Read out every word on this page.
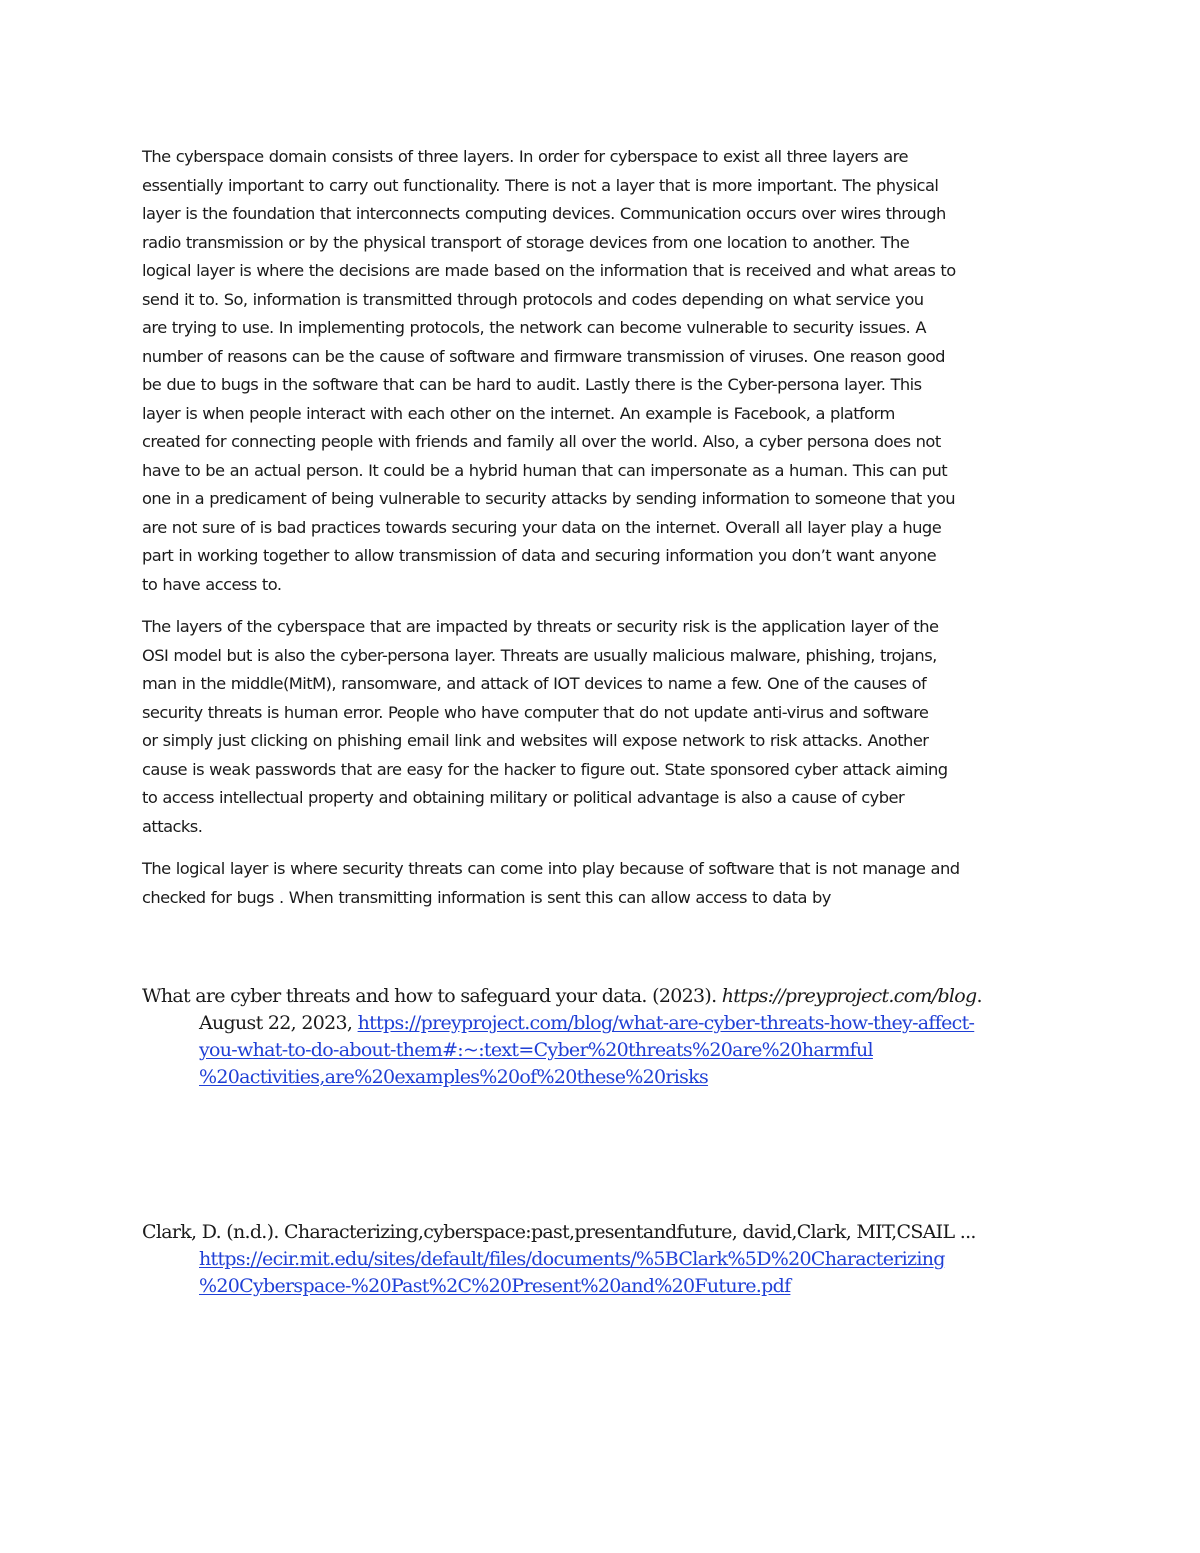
The cyberspace domain consists of three layers. In order for cyberspace to exist all three layers are
essentially important to carry out functionality. There is not a layer that is more important. The physical
layer is the foundation that interconnects computing devices. Communication occurs over wires through
radio transmission or by the physical transport of storage devices from one location to another. The
logical layer is where the decisions are made based on the information that is received and what areas to
send it to. So, information is transmitted through protocols and codes depending on what service you
are trying to use. In implementing protocols, the network can become vulnerable to security issues. A
number of reasons can be the cause of software and firmware transmission of viruses. One reason good
be due to bugs in the software that can be hard to audit. Lastly there is the Cyber-persona layer. This
layer is when people interact with each other on the internet. An example is Facebook, a platform
created for connecting people with friends and family all over the world. Also, a cyber persona does not
have to be an actual person. It could be a hybrid human that can impersonate as a human. This can put
one in a predicament of being vulnerable to security attacks by sending information to someone that you
are not sure of is bad practices towards securing your data on the internet. Overall all layer play a huge
part in working together to allow transmission of data and securing information you don’t want anyone
to have access to.

The layers of the cyberspace that are impacted by threats or security risk is the application layer of the
OSI model but is also the cyber-persona layer. Threats are usually malicious malware, phishing, trojans,
man in the middle(MitM), ransomware, and attack of IOT devices to name a few. One of the causes of
security threats is human error. People who have computer that do not update anti-virus and software
or simply just clicking on phishing email link and websites will expose network to risk attacks. Another
cause is weak passwords that are easy for the hacker to figure out. State sponsored cyber attack aiming
to access intellectual property and obtaining military or political advantage is also a cause of cyber
attacks.

The logical layer is where security threats can come into play because of software that is not manage and
checked for bugs . When transmitting information is sent this can allow access to data by

What are cyber threats and how to safeguard your data. (2023). https://preyproject.com/blog.
August 22, 2023, https://preyproject.com/blog/what-are-cyber-threats-how-they-affect-
you-what-to-do-about-them#:~:text=Cyber%20threats%20are%20harmful
%20activities,are%20examples%20of%20these%20risks
Clark, D. (n.d.). Characterizing,cyberspace:past,presentandfuture, david,Clark, MIT,CSAIL ...
https://ecir.mit.edu/sites/default/files/documents/%5BClark%5D%20Characterizing
%20Cyberspace-%20Past%2C%20Present%20and%20Future.pdf
